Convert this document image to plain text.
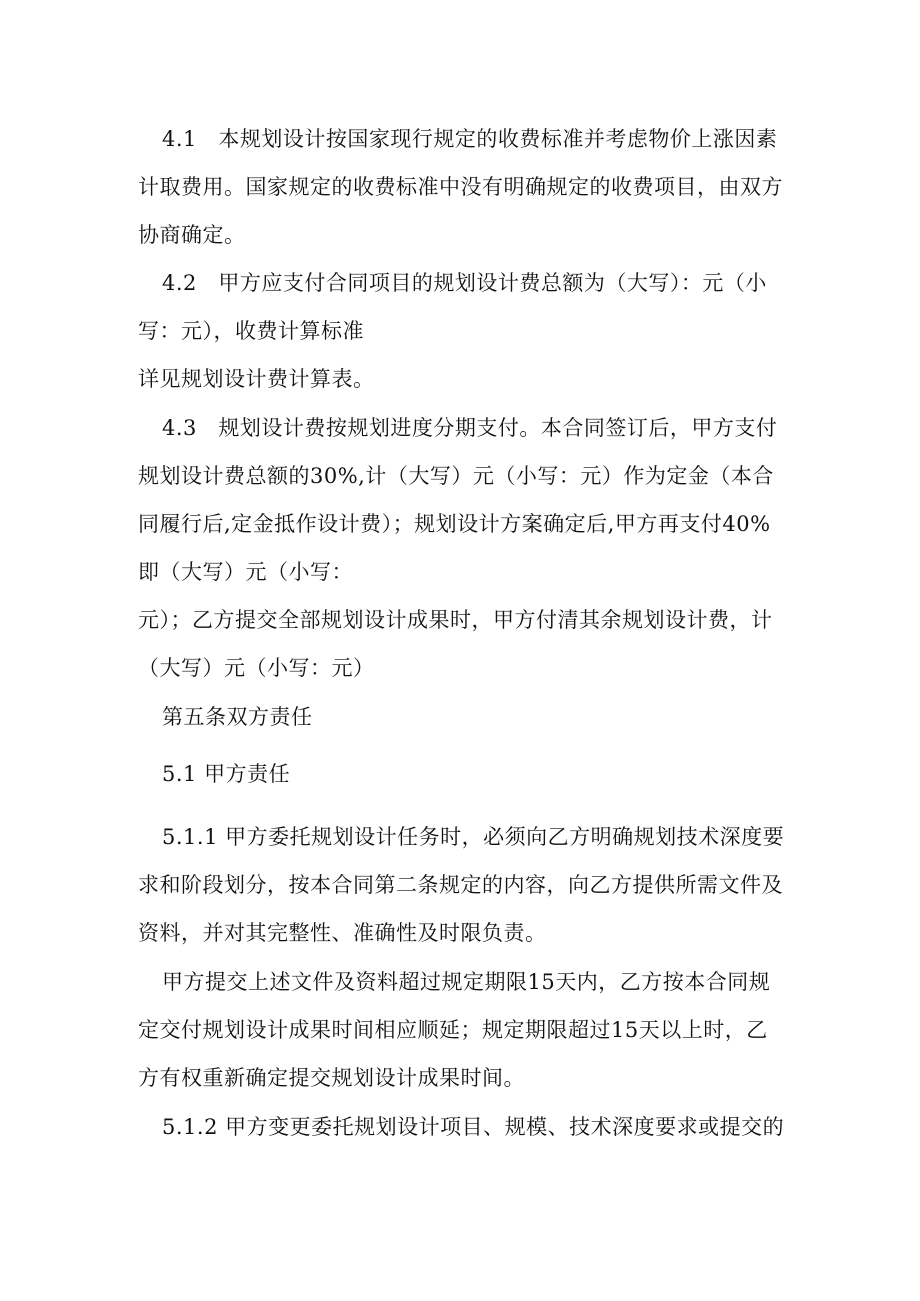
4.1　本规划设计按国家现行规定的收费标准并考虑物价上涨因素
计取费用。国家规定的收费标准中没有明确规定的收费项目，由双方
协商确定。
4.2　甲方应支付合同项目的规划设计费总额为（大写）：元（小
写：元），收费计算标准
详见规划设计费计算表。
4.3　规划设计费按规划进度分期支付。本合同签订后，甲方支付
规划设计费总额的30%,计（大写）元（小写：元）作为定金（本合
同履行后,定金抵作设计费）；规划设计方案确定后,甲方再支付40%
即（大写）元（小写：
元）；乙方提交全部规划设计成果时，甲方付清其余规划设计费，计
（大写）元（小写：元）
第五条双方责任
5.1 甲方责任
5.1.1 甲方委托规划设计任务时，必须向乙方明确规划技术深度要
求和阶段划分，按本合同第二条规定的内容，向乙方提供所需文件及
资料，并对其完整性、准确性及时限负责。
甲方提交上述文件及资料超过规定期限15天内，乙方按本合同规
定交付规划设计成果时间相应顺延；规定期限超过15天以上时，乙
方有权重新确定提交规划设计成果时间。
5.1.2 甲方变更委托规划设计项目、规模、技术深度要求或提交的
